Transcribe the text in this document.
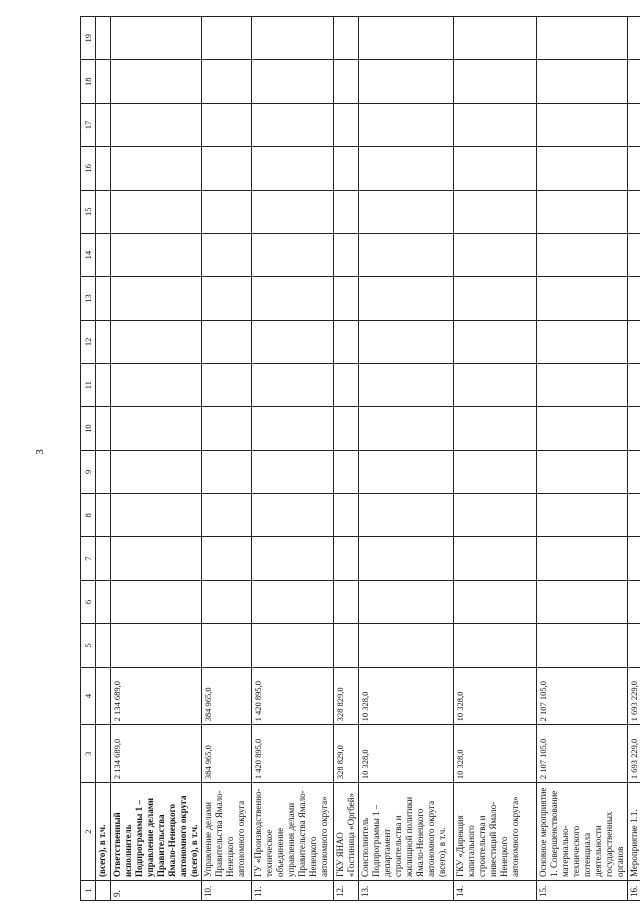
3
1	2	3	4	5	6	7	8	9	10	11	12	13	14	15	16	17	18	19
	(всего), в т.ч.																	
9.	Ответственный исполнитель Подпрограммы 1 – управление делами Правительства Ямало-Ненецкого автономного округа (всего), в т.ч.	2 134 689,0	2 134 689,0															
10.	Управление делами Правительства Ямало-Ненецкого автономного округа	384 965,0	384 965,0															
11.	ГУ «Производственно-техническое объединение управления делами Правительства Ямало-Ненецкого автономного округа»	1 420 895,0	1 420 895,0															
12.	ГКУ ЯНАО «Гостиница «Оргбей»	328 829,0	328 829,0															
13.	Соисполнитель Подпрограммы 1 – департамент строительства и жилищной политики Ямало-Ненецкого автономного округа (всего), в т.ч.	10 328,0	10 328,0															
14.	ГКУ «Дирекция капитального строительства и инвестиций Ямало-Ненецкого автономного округа»	10 328,0	10 328,0															
15.	Основное мероприятие 1. Совершенствование материально-технического потенциала деятельности государственных органов	2 107 105,0	2 107 105,0															
16.	Мероприятие 1.1.	1 693 229,0	1 693 229,0															
